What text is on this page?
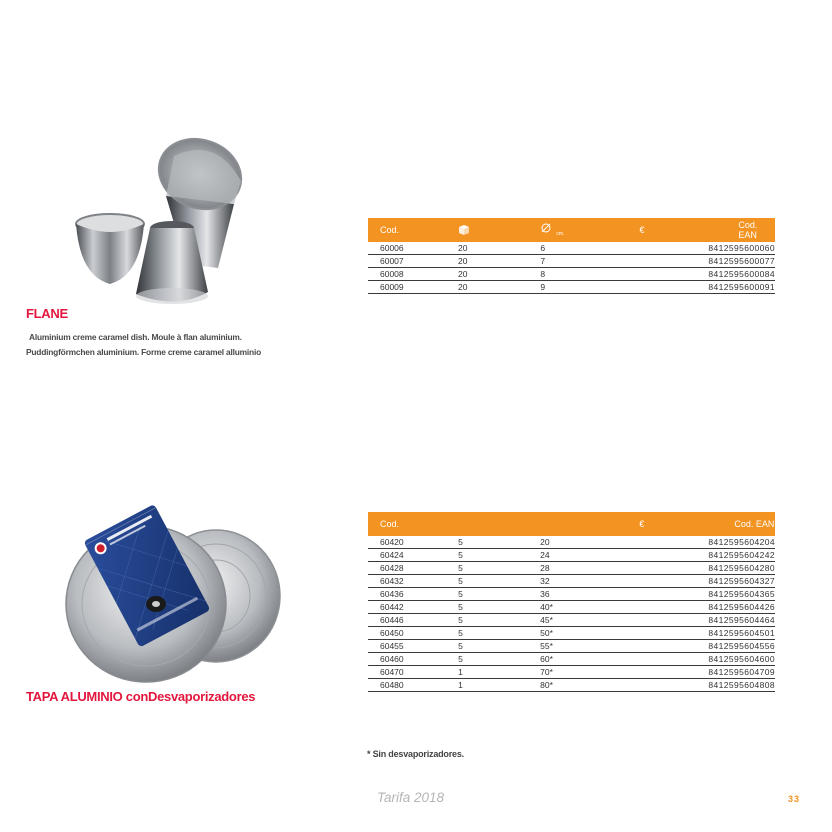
FLANE
Aluminium creme caramel dish. Moule à flan aluminium.
Puddingförmchen aluminium. Forme creme caramel alluminio
Cod.		cm.	€	Cod. EAN
60006	20	6		8412595600060
60007	20	7		8412595600077
60008	20	8		8412595600084
60009	20	9		8412595600091
TAPA ALUMINIO conDesvaporizadores
Cod.			€	Cod. EAN
60420	5	20		8412595604204
60424	5	24		8412595604242
60428	5	28		8412595604280
60432	5	32		8412595604327
60436	5	36		8412595604365
60442	5	40*		8412595604426
60446	5	45*		8412595604464
60450	5	50*		8412595604501
60455	5	55*		8412595604556
60460	5	60*		8412595604600
60470	1	70*		8412595604709
60480	1	80*		8412595604808
* Sin desvaporizadores.
Tarifa 2018	33
